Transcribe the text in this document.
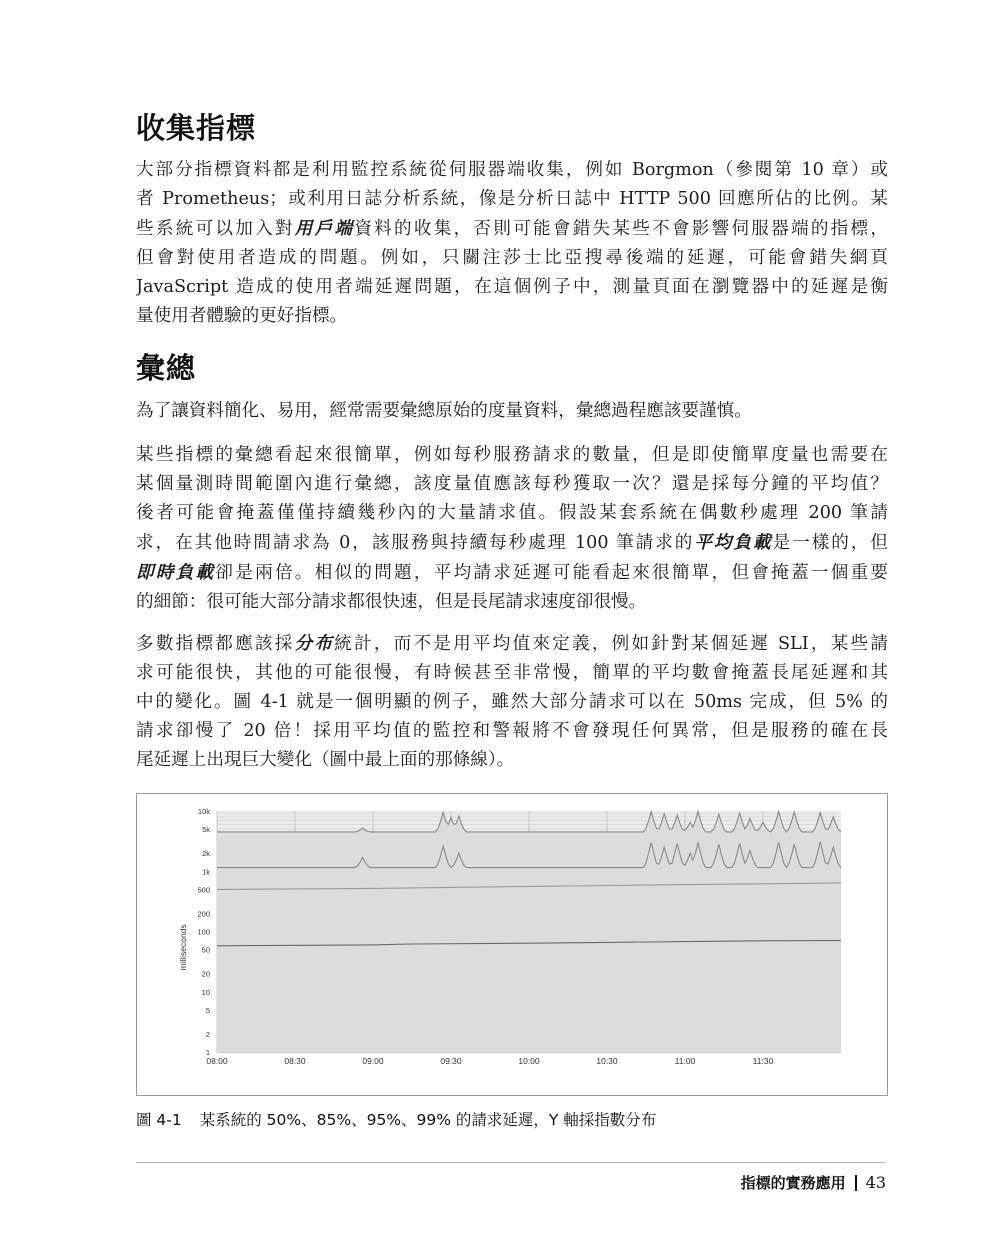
收集指標
大部分指標資料都是利用監控系統從伺服器端收集，例如 Borgmon（參閱第 10 章）或
者 Prometheus；或利用日誌分析系統，像是分析日誌中 HTTP 500 回應所佔的比例。某
些系統可以加入對用戶端資料的收集，否則可能會錯失某些不會影響伺服器端的指標，
但會對使用者造成的問題。例如，只關注莎士比亞搜尋後端的延遲，可能會錯失網頁
JavaScript 造成的使用者端延遲問題，在這個例子中，測量頁面在瀏覽器中的延遲是衡
量使用者體驗的更好指標。
彙總
為了讓資料簡化、易用，經常需要彙總原始的度量資料，彙總過程應該要謹慎。
某些指標的彙總看起來很簡單，例如每秒服務請求的數量，但是即使簡單度量也需要在
某個量測時間範圍內進行彙總，該度量值應該每秒獲取一次？還是採每分鐘的平均值？
後者可能會掩蓋僅僅持續幾秒內的大量請求值。假設某套系統在偶數秒處理 200 筆請
求，在其他時間請求為 0，該服務與持續每秒處理 100 筆請求的平均負載是一樣的，但
即時負載卻是兩倍。相似的問題，平均請求延遲可能看起來很簡單，但會掩蓋一個重要
的細節：很可能大部分請求都很快速，但是長尾請求速度卻很慢。
多數指標都應該採分布統計，而不是用平均值來定義，例如針對某個延遲 SLI，某些請
求可能很快，其他的可能很慢，有時候甚至非常慢，簡單的平均數會掩蓋長尾延遲和其
中的變化。圖 4-1 就是一個明顯的例子，雖然大部分請求可以在 50ms 完成，但 5% 的
請求卻慢了 20 倍！採用平均值的監控和警報將不會發現任何異常，但是服務的確在長
尾延遲上出現巨大變化（圖中最上面的那條線）。
1
2
5
10
20
50
100
200
500
1k
2k
5k
10k
08:00	08:30	09:00	09:30	10:00	10:30	11:00	11:30
milliseconds
圖 4-1 某系統的 50%、85%、95%、99% 的請求延遲，Y 軸採指數分布
指標的實務應用 43
